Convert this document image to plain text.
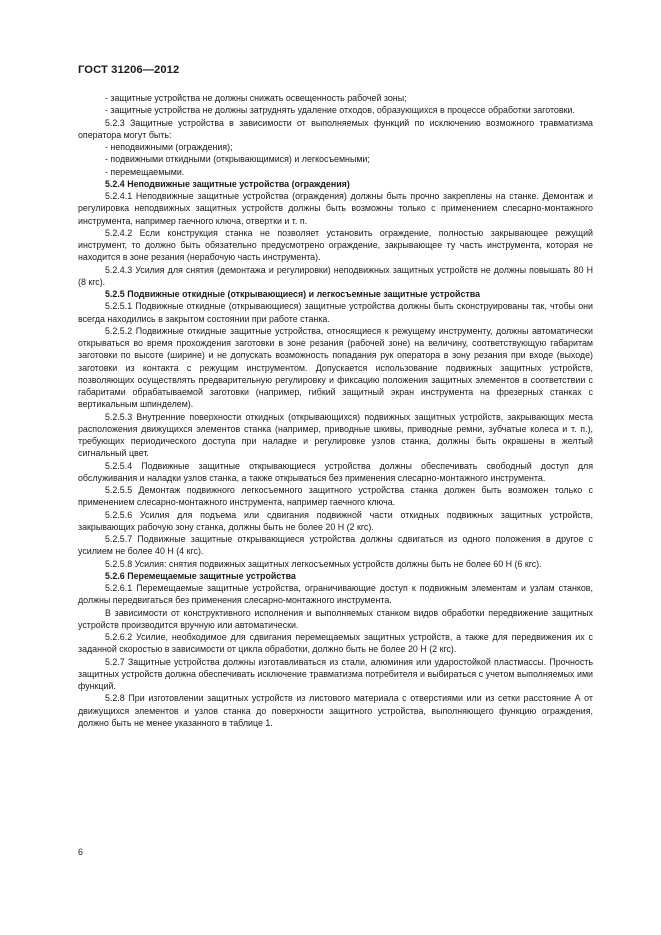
ГОСТ 31206—2012

- защитные устройства не должны снижать освещенность рабочей зоны;

- защитные устройства не должны затруднять удаление отходов, образующихся в процессе обработки заготовки.

5.2.3 Защитные устройства в зависимости от выполняемых функций по исключению возможного травматизма оператора могут быть:

- неподвижными (ограждения);

- подвижными откидными (открывающимися) и легкосъемными;

- перемещаемыми.

5.2.4 Неподвижные защитные устройства (ограждения)

5.2.4.1 Неподвижные защитные устройства (ограждения) должны быть прочно закреплены на станке. Демонтаж и регулировка неподвижных защитных устройств должны быть возможны только с применением слесарно-монтажного инструмента, например гаечного ключа, отвертки и т. п.

5.2.4.2 Если конструкция станка не позволяет установить ограждение, полностью закрывающее режущий инструмент, то должно быть обязательно предусмотрено ограждение, закрывающее ту часть инструмента, которая не находится в зоне резания (нерабочую часть инструмента).

5.2.4.3 Усилия для снятия (демонтажа и регулировки) неподвижных защитных устройств не должны повышать 80 Н (8 кгс).

5.2.5 Подвижные откидные (открывающиеся) и легкосъемные защитные устройства

5.2.5.1 Подвижные откидные (открывающиеся) защитные устройства должны быть сконструированы так, чтобы они всегда находились в закрытом состоянии при работе станка.

5.2.5.2 Подвижные откидные защитные устройства, относящиеся к режущему инструменту, должны автоматически открываться во время прохождения заготовки в зоне резания (рабочей зоне) на величину, соответствующую габаритам заготовки по высоте (ширине) и не допускать возможность попадания рук оператора в зону резания при входе (выходе) заготовки из контакта с режущим инструментом. Допускается использование подвижных защитных устройств, позволяющих осуществлять предварительную регулировку и фиксацию положения защитных элементов в соответствии с габаритами обрабатываемой заготовки (например, гибкий защитный экран инструмента на фрезерных станках с вертикальным шпинделем).

5.2.5.3 Внутренние поверхности откидных (открывающихся) подвижных защитных устройств, закрывающих места расположения движущихся элементов станка (например, приводные шкивы, приводные ремни, зубчатые колеса и т. п.), требующих периодического доступа при наладке и регулировке узлов станка, должны быть окрашены в желтый сигнальный цвет.

5.2.5.4 Подвижные защитные открывающиеся устройства должны обеспечивать свободный доступ для обслуживания и наладки узлов станка, а также открываться без применения слесарно-монтажного инструмента.

5.2.5.5 Демонтаж подвижного легкосъемного защитного устройства станка должен быть возможен только с применением слесарно-монтажного инструмента, например гаечного ключа.

5.2.5.6 Усилия для подъема или сдвигания подвижной части откидных подвижных защитных устройств, закрывающих рабочую зону станка, должны быть не более 20 Н (2 кгс).

5.2.5.7 Подвижные защитные открывающиеся устройства должны сдвигаться из одного положения в другое с усилием не более 40 Н (4 кгс).

5.2.5.8 Усилия: снятия подвижных защитных легкосъемных устройств должны быть не более 60 Н (6 кгс).

5.2.6 Перемещаемые защитные устройства

5.2.6.1 Перемещаемые защитные устройства, ограничивающие доступ к подвижным элементам и узлам станков, должны передвигаться без применения слесарно-монтажного инструмента.

В зависимости от конструктивного исполнения и выполняемых станком видов обработки передвижение защитных устройств производится вручную или автоматически.

5.2.6.2 Усилие, необходимое для сдвигания перемещаемых защитных устройств, а также для передвижения их с заданной скоростью в зависимости от цикла обработки, должно быть не более 20 Н (2 кгс).

5.2.7 Защитные устройства должны изготавливаться из стали, алюминия или ударостойкой пластмассы. Прочность защитных устройств должна обеспечивать исключение травматизма потребителя и выбираться с учетом выполняемых ими функций.

5.2.8 При изготовлении защитных устройств из листового материала с отверстиями или из сетки расстояние А от движущихся элементов и узлов станка до поверхности защитного устройства, выполняющего функцию ограждения, должно быть не менее указанного в таблице 1.

6
